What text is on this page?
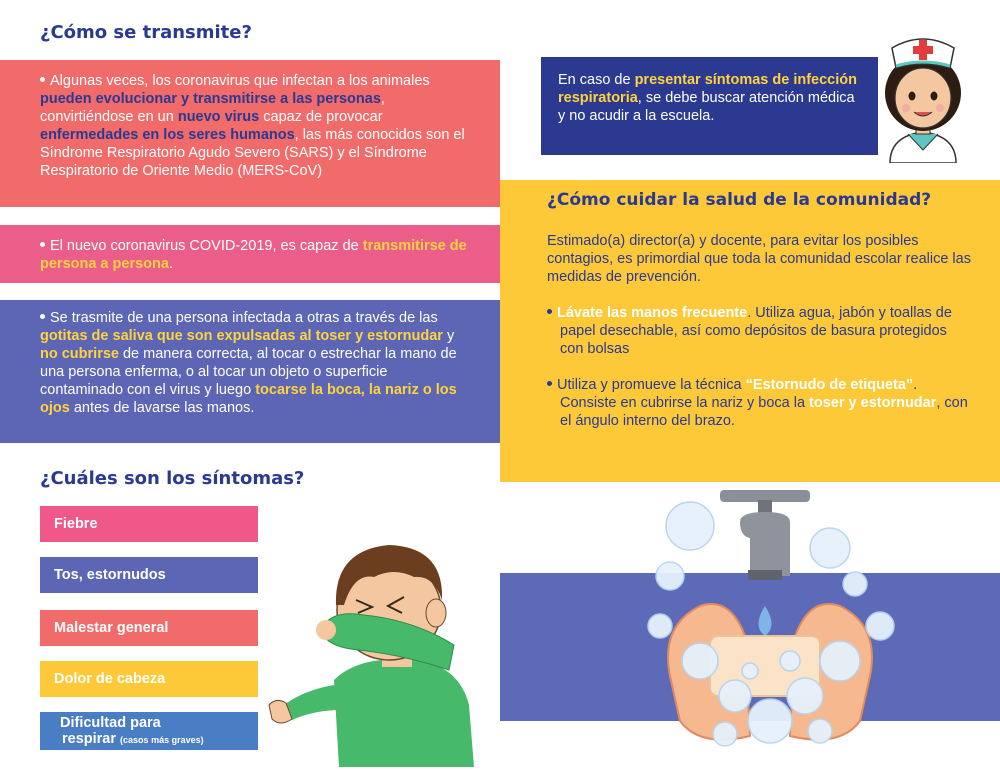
¿Cómo se transmite?

Algunas veces, los coronavirus que infectan a los animales pueden evolucionar y transmitirse a las personas, convirtiéndose en un nuevo virus capaz de provocar enfermedades en los seres humanos, las más conocidos son el Síndrome Respiratorio Agudo Severo (SARS) y el Síndrome Respiratorio de Oriente Medio (MERS-CoV)

El nuevo coronavirus COVID-2019, es capaz de transmitirse de persona a persona.

Se trasmite de una persona infectada a otras a través de las gotitas de saliva que son expulsadas al toser y estornudar y no cubrirse de manera correcta, al tocar o estrechar la mano de una persona enferma, o al tocar un objeto o superficie contaminado con el virus y luego tocarse la boca, la nariz o los ojos antes de lavarse las manos.

¿Cuáles son los síntomas?
Fiebre
Tos, estornudos
Malestar general
Dolor de cabeza
Dificultad para
respirar (casos más graves)

En caso de presentar síntomas de infección respiratoria, se debe buscar atención médica y no acudir a la escuela.

¿Cómo cuidar la salud de la comunidad?
Estimado(a) director(a) y docente, para evitar los posibles contagios, es primordial que toda la comunidad escolar realice las medidas de prevención.
Lávate las manos frecuente. Utiliza agua, jabón y toallas de papel desechable, así como depósitos de basura protegidos con bolsas
Utiliza y promueve la técnica “Estornudo de etiqueta”. Consiste en cubrirse la nariz y boca la toser y estornudar, con el ángulo interno del brazo.
